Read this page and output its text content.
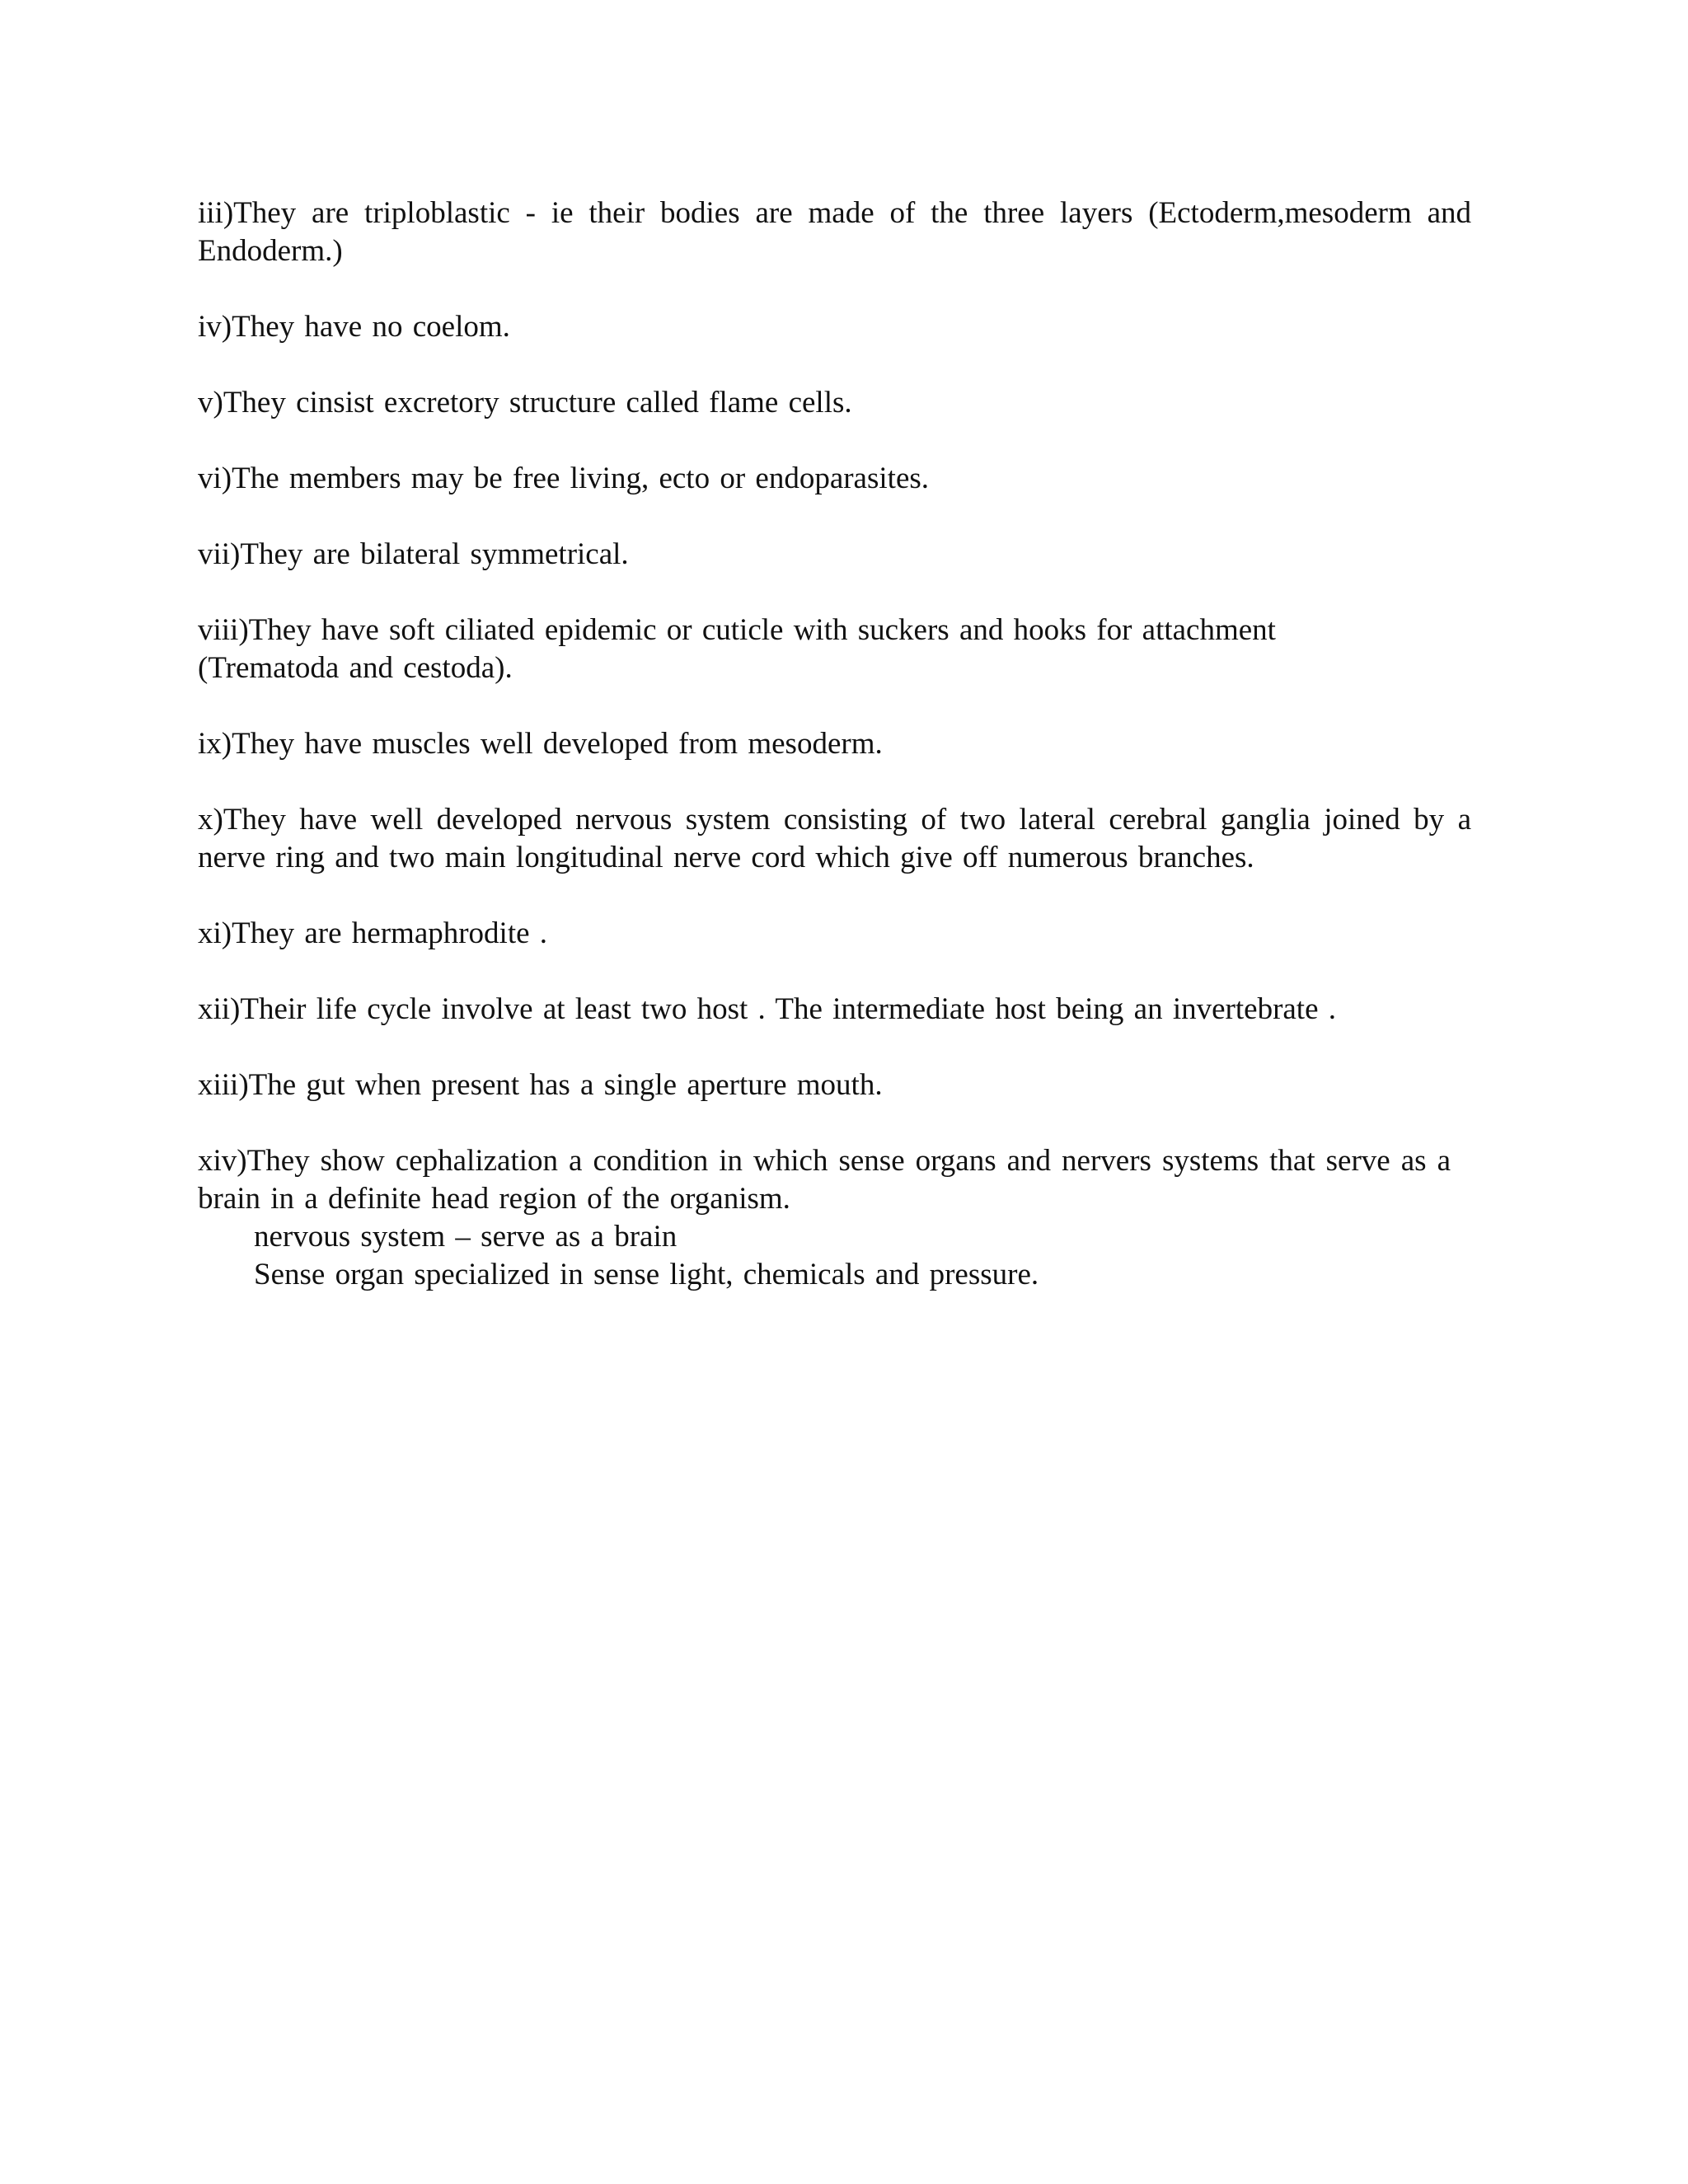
iii)They are triploblastic - ie their bodies are made of the three layers (Ectoderm,mesoderm and Endoderm.)

iv)They have no coelom.

v)They cinsist excretory structure called flame cells.

vi)The members may be free living, ecto or endoparasites.

vii)They are bilateral symmetrical.

viii)They have soft ciliated epidemic or cuticle with suckers and hooks for attachment (Trematoda and cestoda).

ix)They have muscles well developed from mesoderm.

x)They have well developed nervous system consisting of two lateral cerebral ganglia joined by a nerve ring and two main longitudinal nerve cord which give off numerous branches.

xi)They are hermaphrodite .

xii)Their life cycle involve at least two host . The intermediate host being an invertebrate .

xiii)The gut when present has a single aperture mouth.

xiv)They show cephalization a condition in which sense organs and nervers systems that serve as a brain in a definite head region of the organism.

nervous system – serve as a brain
Sense organ specialized in sense light, chemicals and pressure.
